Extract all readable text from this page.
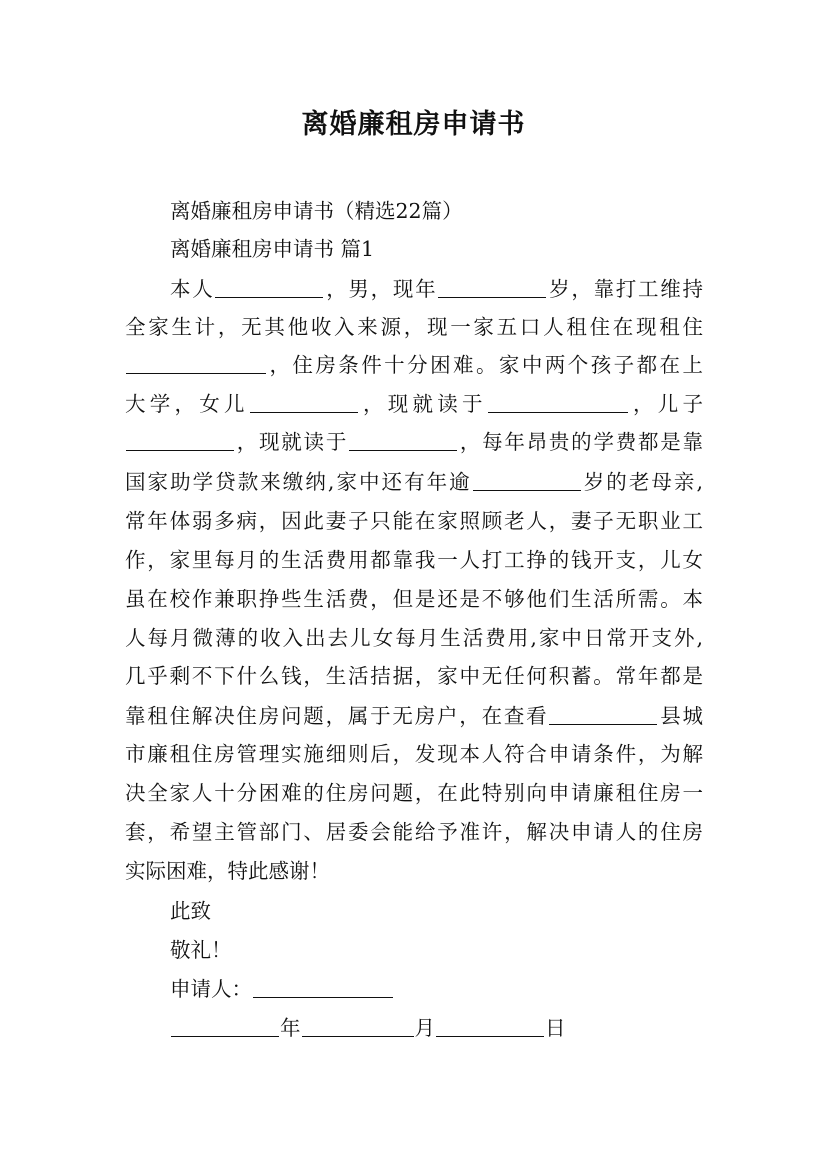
离婚廉租房申请书
离婚廉租房申请书（精选22篇）
离婚廉租房申请书 篇1
本人	，男，现年	岁，靠打工维持
全家生计，无其他收入来源，现一家五口人租住在现租住
，住房条件十分困难。家中两个孩子都在上
大学，女儿	，现就读于	，儿子
，现就读于	，每年昂贵的学费都是靠
国家助学贷款来缴纳,家中还有年逾	岁的老母亲,
常年体弱多病，因此妻子只能在家照顾老人，妻子无职业工
作，家里每月的生活费用都靠我一人打工挣的钱开支，儿女
虽在校作兼职挣些生活费，但是还是不够他们生活所需。本
人每月微薄的收入出去儿女每月生活费用,家中日常开支外,
几乎剩不下什么钱，生活拮据，家中无任何积蓄。常年都是
靠租住解决住房问题，属于无房户，在查看	县城
市廉租住房管理实施细则后，发现本人符合申请条件，为解
决全家人十分困难的住房问题，在此特别向申请廉租住房一
套，希望主管部门、居委会能给予准许，解决申请人的住房
实际困难，特此感谢！
此致
敬礼！
申请人：
年	月	日
